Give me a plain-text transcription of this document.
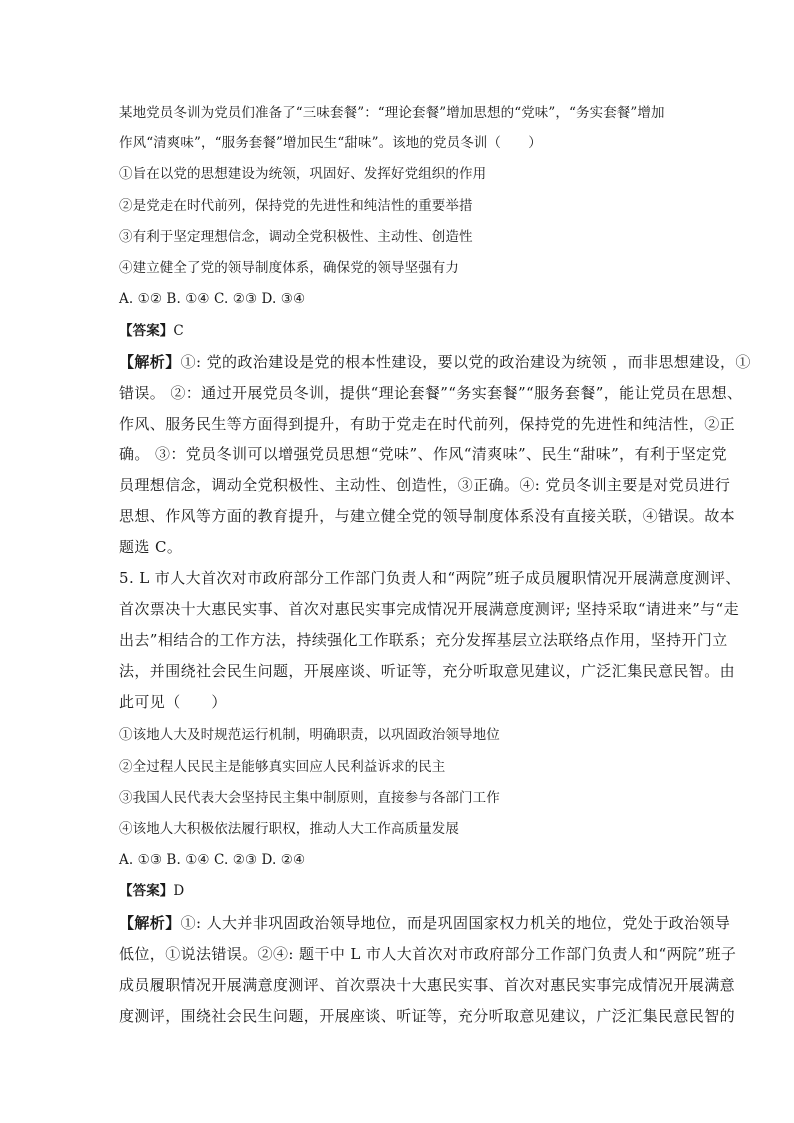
某地党员冬训为党员们准备了“三味套餐”：“理论套餐”增加思想的“党味”，“务实套餐”增加
作风“清爽味”，“服务套餐”增加民生“甜味”。该地的党员冬训（　　）
①旨在以党的思想建设为统领，巩固好、发挥好党组织的作用
②是党走在时代前列，保持党的先进性和纯洁性的重要举措
③有利于坚定理想信念，调动全党积极性、主动性、创造性
④建立健全了党的领导制度体系，确保党的领导坚强有力
A. ①② B. ①④ C. ②③ D. ③④
【答案】C
【解析】①: 党的政治建设是党的根本性建设，要以党的政治建设为统领 ，而非思想建设，①
错误。 ②：通过开展党员冬训，提供“理论套餐”“务实套餐”“服务套餐”，能让党员在思想、
作风、服务民生等方面得到提升，有助于党走在时代前列，保持党的先进性和纯洁性，②正
确。 ③：党员冬训可以增强党员思想“党味”、作风“清爽味”、民生“甜味”，有利于坚定党
员理想信念，调动全党积极性、主动性、创造性，③正确。④: 党员冬训主要是对党员进行
思想、作风等方面的教育提升，与建立健全党的领导制度体系没有直接关联，④错误。故本
题选 C。
5. L 市人大首次对市政府部分工作部门负责人和“两院”班子成员履职情况开展满意度测评、
首次票决十大惠民实事、首次对惠民实事完成情况开展满意度测评; 坚持采取“请进来”与“走
出去”相结合的工作方法，持续强化工作联系；充分发挥基层立法联络点作用，坚持开门立
法，并围绕社会民生问题，开展座谈、听证等，充分听取意见建议，广泛汇集民意民智。由
此可见（　　）
①该地人大及时规范运行机制，明确职责，以巩固政治领导地位
②全过程人民民主是能够真实回应人民利益诉求的民主
③我国人民代表大会坚持民主集中制原则，直接参与各部门工作
④该地人大积极依法履行职权，推动人大工作高质量发展
A. ①③ B. ①④ C. ②③ D. ②④
【答案】D
【解析】①: 人大并非巩固政治领导地位，而是巩固国家权力机关的地位，党处于政治领导
低位，①说法错误。②④: 题干中 L 市人大首次对市政府部分工作部门负责人和“两院”班子
成员履职情况开展满意度测评、首次票决十大惠民实事、首次对惠民实事完成情况开展满意
度测评，围绕社会民生问题，开展座谈、听证等，充分听取意见建议，广泛汇集民意民智的
